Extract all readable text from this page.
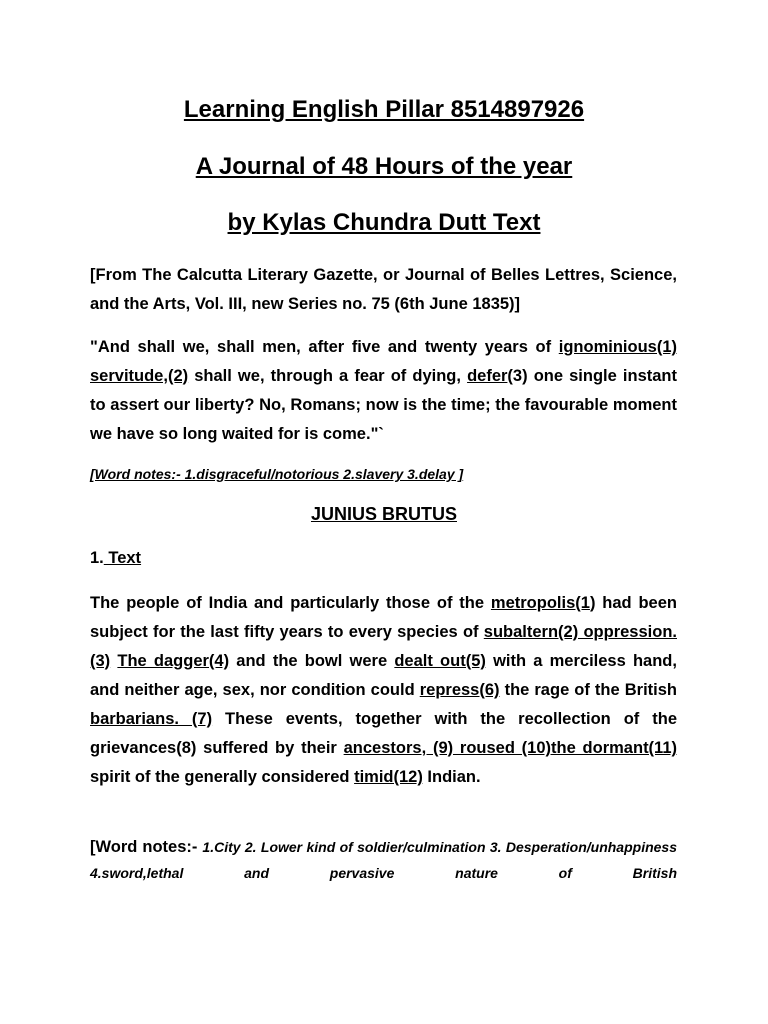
Learning English Pillar 8514897926
A Journal of 48 Hours of the year
by Kylas Chundra Dutt Text
[From The Calcutta Literary Gazette, or Journal of Belles Lettres, Science, and the Arts, Vol. III, new Series no. 75 (6th June 1835)]
"And shall we, shall men, after five and twenty years of ignominious(1) servitude,(2) shall we, through a fear of dying, defer(3) one single instant to assert our liberty? No, Romans; now is the time; the favourable moment we have so long waited for is come."`
[Word notes:- 1.disgraceful/notorious 2.slavery 3.delay ]
JUNIUS BRUTUS
1. Text
The people of India and particularly those of the metropolis(1) had been subject for the last fifty years to every species of subaltern(2) oppression. (3) The dagger(4) and the bowl were dealt out(5) with a merciless hand, and neither age, sex, nor condition could repress(6) the rage of the British barbarians. (7) These events, together with the recollection of the grievances(8) suffered by their ancestors, (9) roused (10)the dormant(11) spirit of the generally considered timid(12) Indian.
[Word notes:- 1.City 2. Lower kind of soldier/culmination 3. Desperation/unhappiness 4.sword,lethal and pervasive nature of British
